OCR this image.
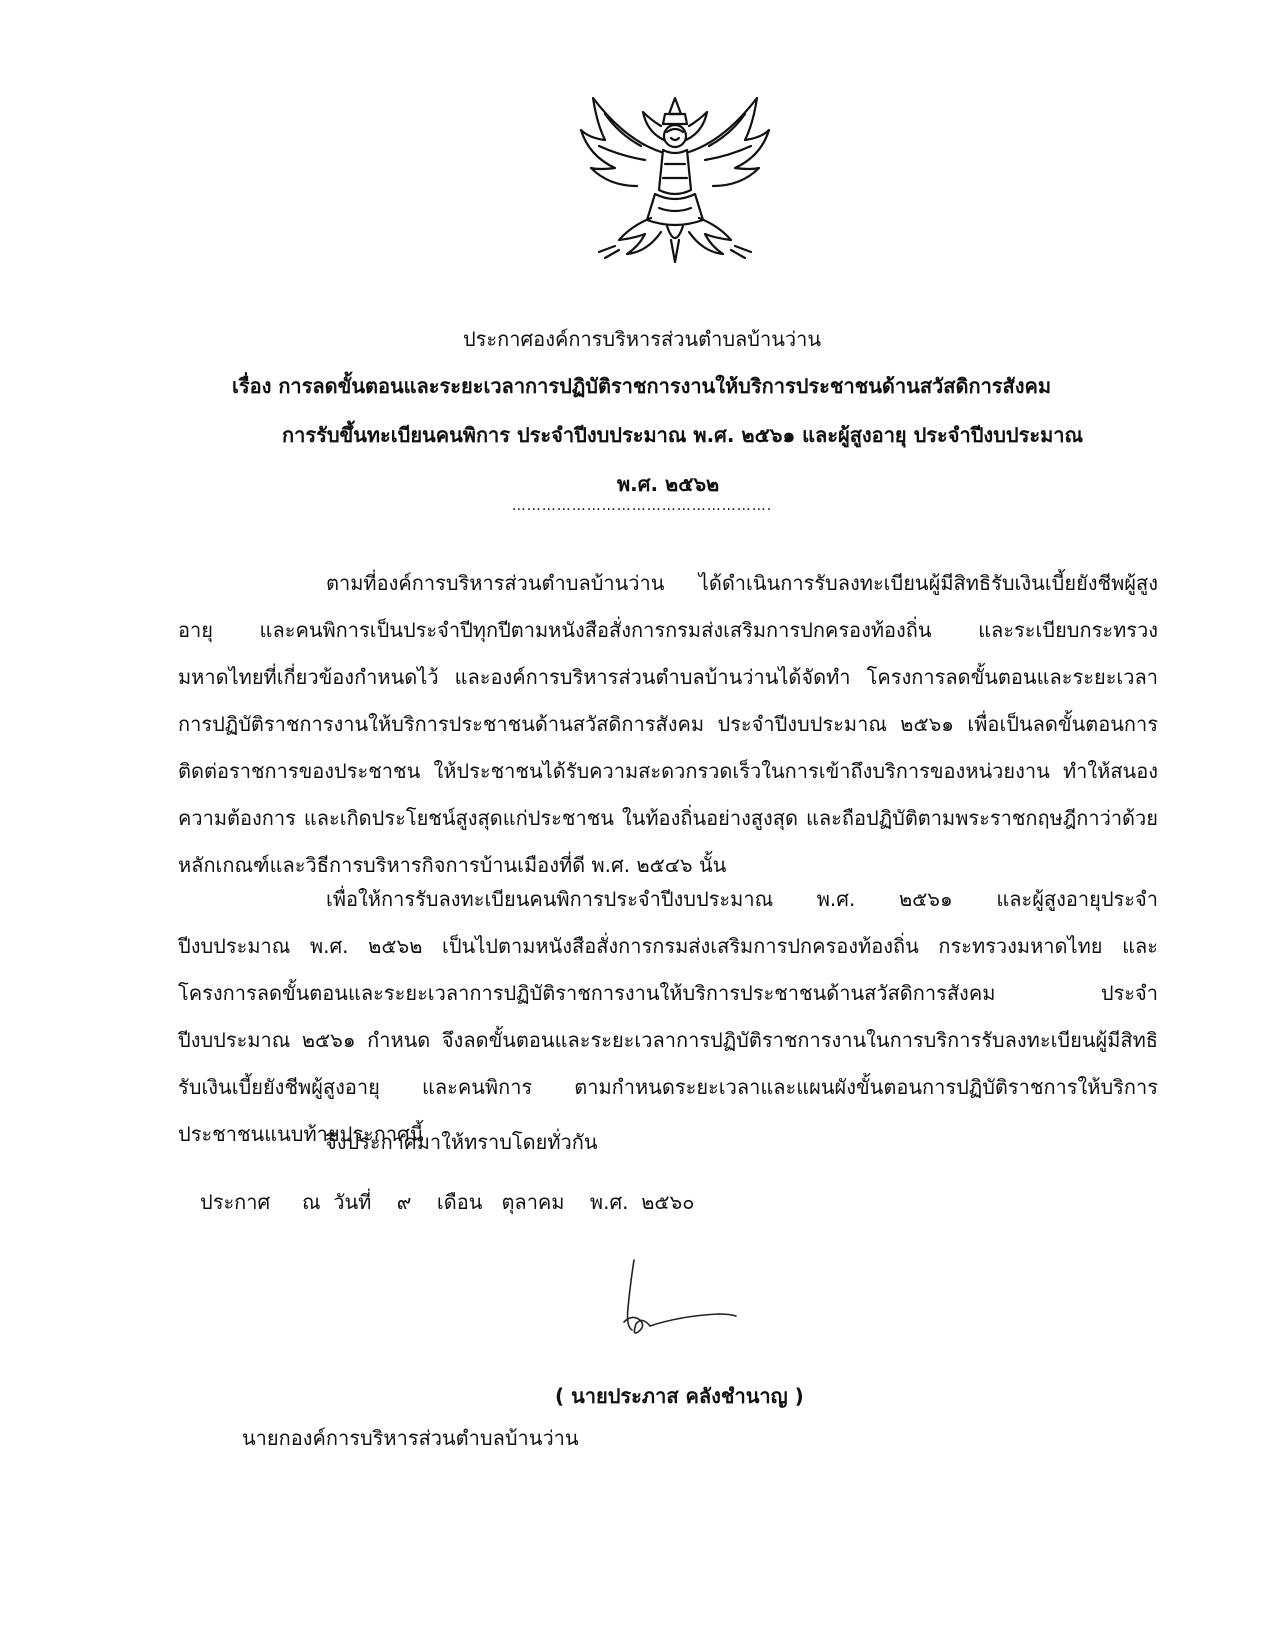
ประกาศองค์การบริหารส่วนตำบลบ้านว่าน
เรื่อง การลดขั้นตอนและระยะเวลาการปฏิบัติราชการงานให้บริการประชาชนด้านสวัสดิการสังคม
การรับขึ้นทะเบียนคนพิการ ประจำปีงบประมาณ พ.ศ. ๒๕๖๑ และผู้สูงอายุ ประจำปีงบประมาณ
พ.ศ. ๒๕๖๒
…………………………………………….

ตามที่องค์การบริหารส่วนตำบลบ้านว่าน ได้ดำเนินการรับลงทะเบียนผู้มีสิทธิรับเงินเบี้ยยังชีพผู้สูงอายุ และคนพิการเป็นประจำปีทุกปีตามหนังสือสั่งการกรมส่งเสริมการปกครองท้องถิ่น และระเบียบกระทรวงมหาดไทยที่เกี่ยวข้องกำหนดไว้ และองค์การบริหารส่วนตำบลบ้านว่านได้จัดทำ โครงการลดขั้นตอนและระยะเวลาการปฏิบัติราชการงานให้บริการประชาชนด้านสวัสดิการสังคม ประจำปีงบประมาณ ๒๕๖๑ เพื่อเป็นลดขั้นตอนการติดต่อราชการของประชาชน ให้ประชาชนได้รับความสะดวกรวดเร็วในการเข้าถึงบริการของหน่วยงาน ทำให้สนองความต้องการ และเกิดประโยชน์สูงสุดแก่ประชาชน ในท้องถิ่นอย่างสูงสุด และถือปฏิบัติตามพระราชกฤษฎีกาว่าด้วยหลักเกณฑ์และวิธีการบริหารกิจการบ้านเมืองที่ดี พ.ศ. ๒๕๔๖ นั้น

เพื่อให้การรับลงทะเบียนคนพิการประจำปีงบประมาณ พ.ศ. ๒๕๖๑ และผู้สูงอายุประจำปีงบประมาณ พ.ศ. ๒๕๖๒ เป็นไปตามหนังสือสั่งการกรมส่งเสริมการปกครองท้องถิ่น กระทรวงมหาดไทย และโครงการลดขั้นตอนและระยะเวลาการปฏิบัติราชการงานให้บริการประชาชนด้านสวัสดิการสังคม ประจำปีงบประมาณ ๒๕๖๑ กำหนด จึงลดขั้นตอนและระยะเวลาการปฏิบัติราชการงานในการบริการรับลงทะเบียนผู้มีสิทธิรับเงินเบี้ยยังชีพผู้สูงอายุ และคนพิการ ตามกำหนดระยะเวลาและแผนผังขั้นตอนการปฏิบัติราชการให้บริการประชาชนแนบท้ายประกาศนี้

จึงประกาศมาให้ทราบโดยทั่วกัน
ประกาศ     ณ  วันที่    ๙    เดือน   ตุลาคม    พ.ศ.  ๒๕๖๐
( นายประภาส คลังชำนาญ )
นายกองค์การบริหารส่วนตำบลบ้านว่าน
